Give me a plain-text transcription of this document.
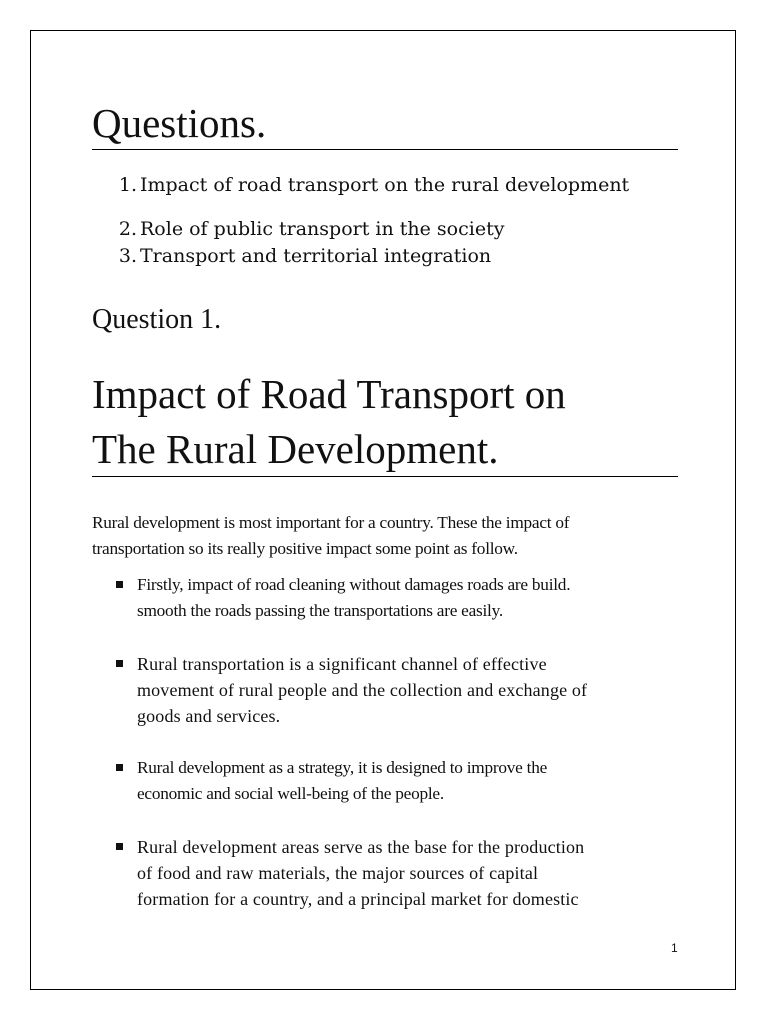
Questions.
1. Impact of road transport on the rural development
2. Role of public transport in the society
3. Transport and territorial integration
Question 1.
Impact of Road Transport on
The Rural Development.

Rural development is most important for a country. These the impact of
transportation so its really positive impact some point as follow.

Firstly, impact of road cleaning without damages roads are build.
smooth the roads passing the transportations are easily.

Rural transportation is a significant channel of effective
movement of rural people and the collection and exchange of
goods and services.

Rural development as a strategy, it is designed to improve the
economic and social well-being of the people.

Rural development areas serve as the base for the production
of food and raw materials, the major sources of capital
formation for a country, and a principal market for domestic

1
